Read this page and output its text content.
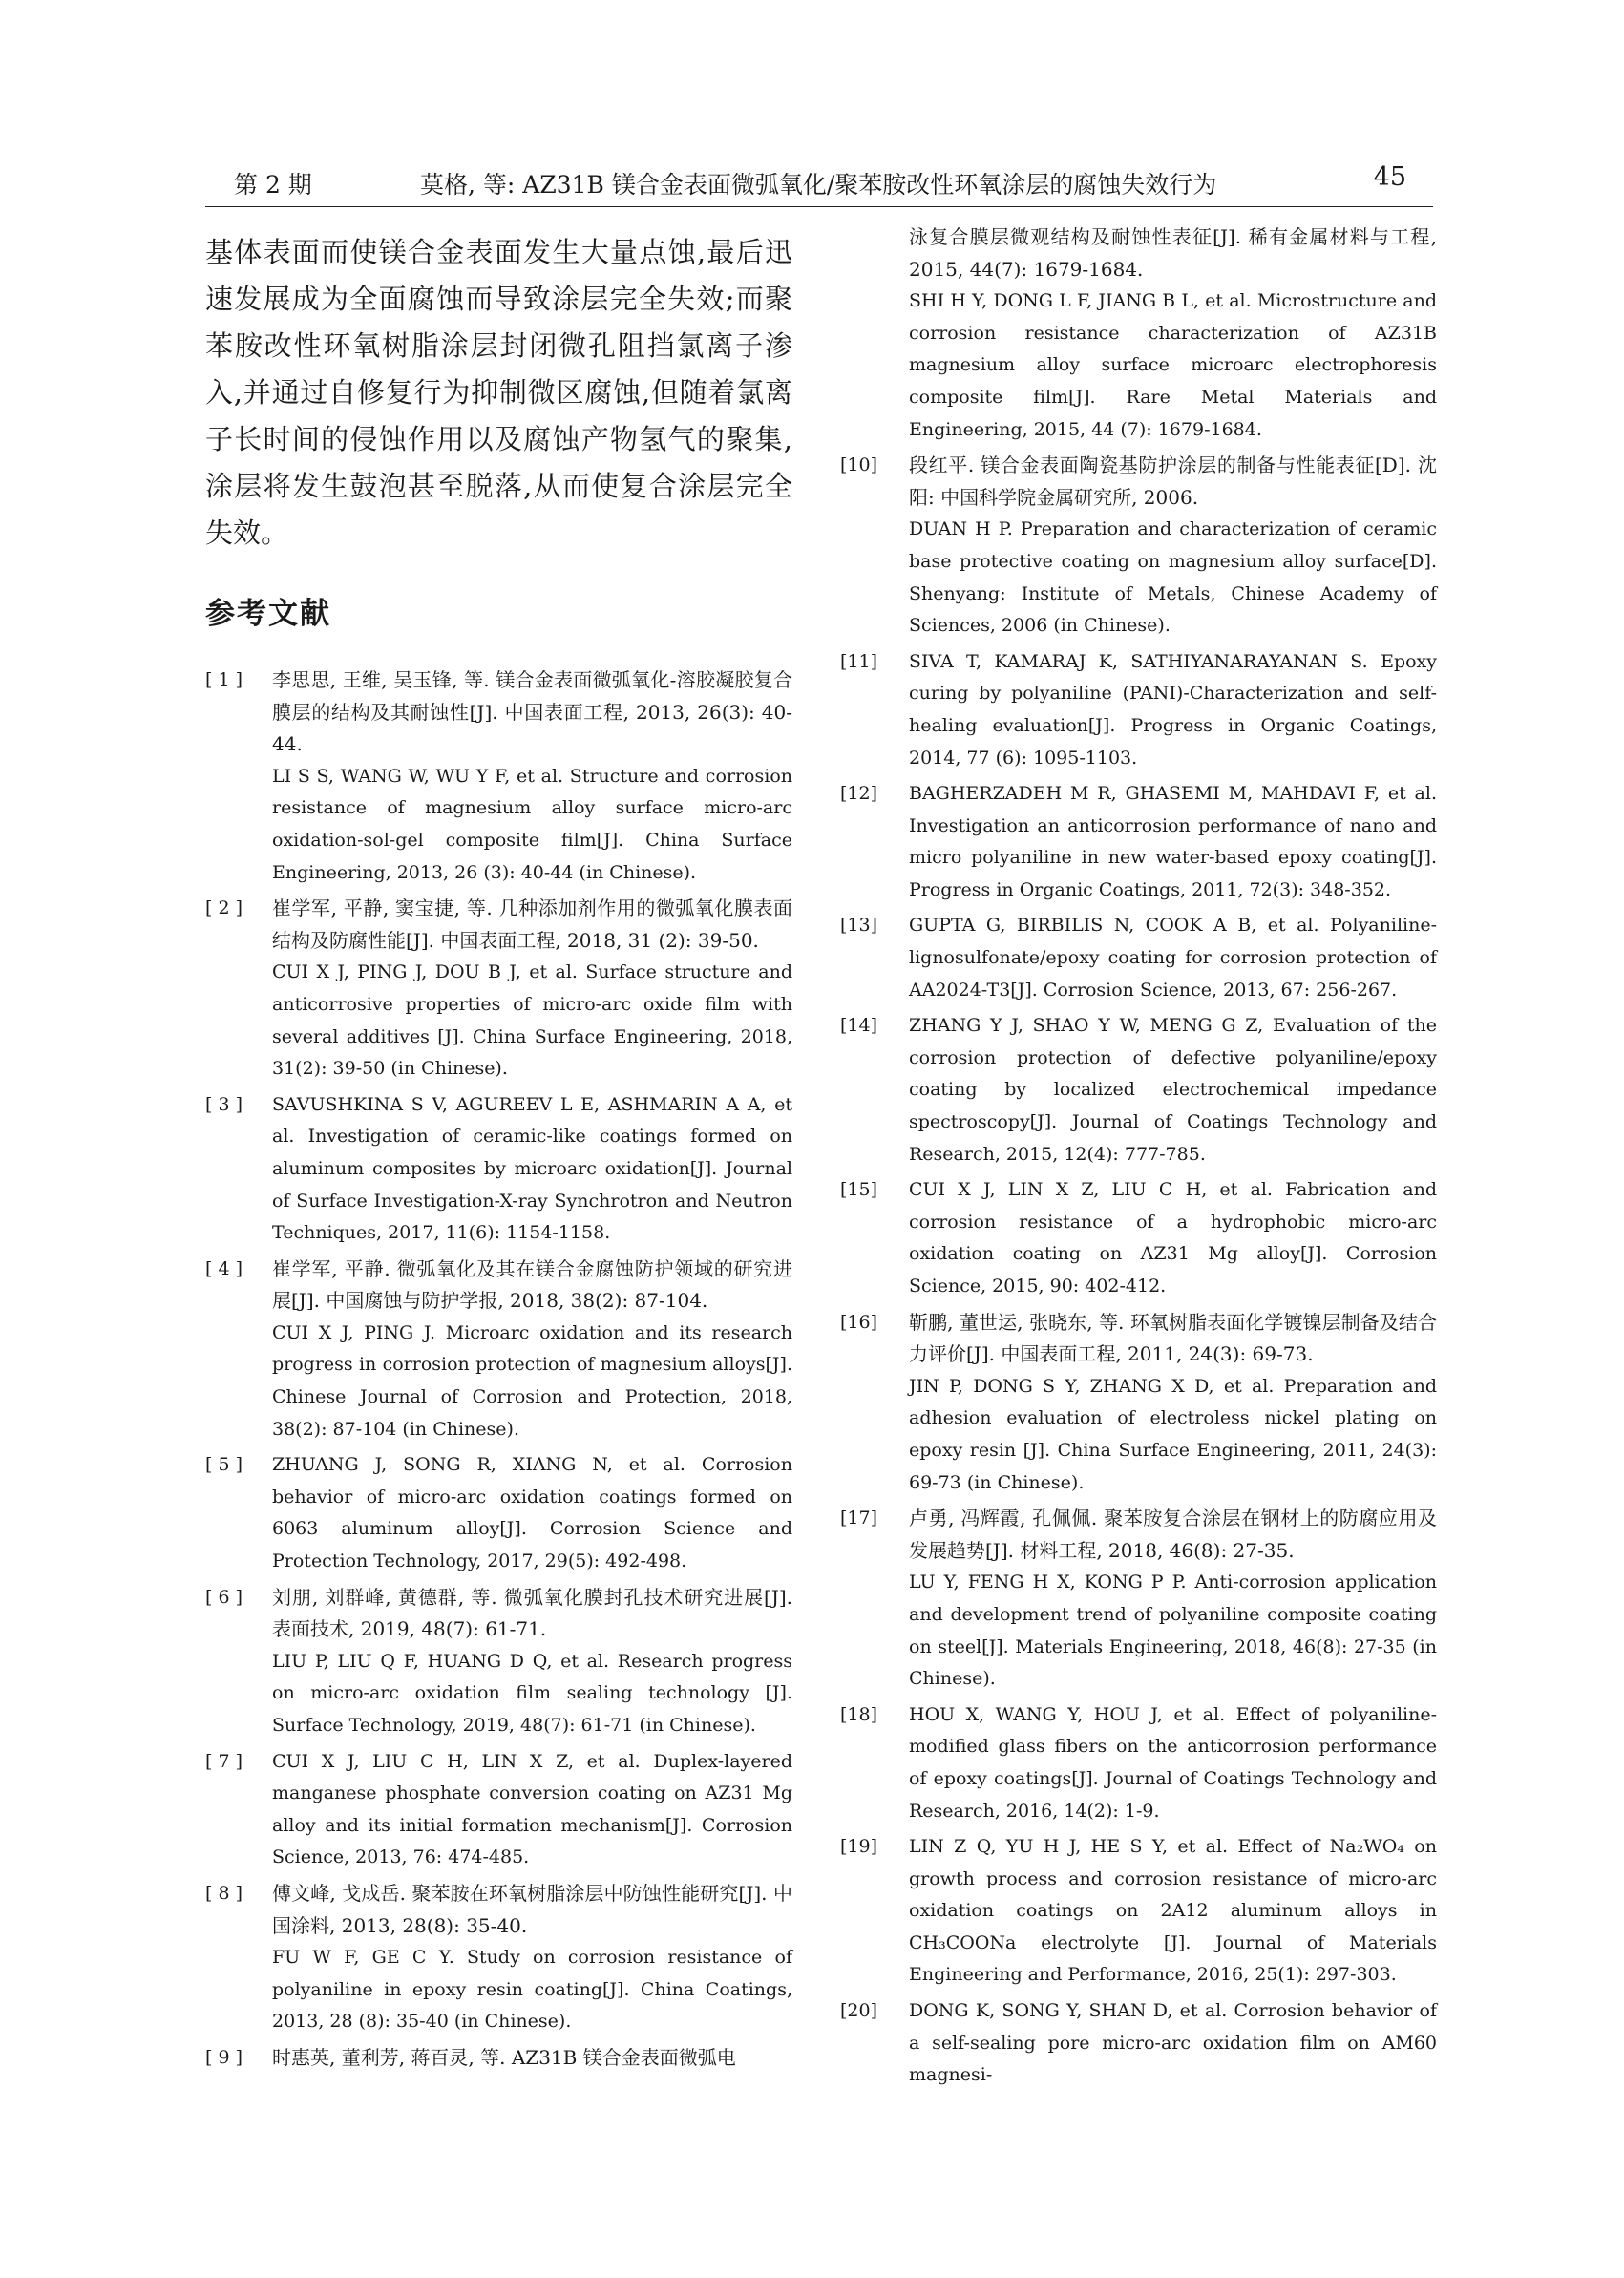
第 2 期	莫格, 等: AZ31B 镁合金表面微弧氧化/聚苯胺改性环氧涂层的腐蚀失效行为	45

基体表面而使镁合金表面发生大量点蚀,最后迅速发展成为全面腐蚀而导致涂层完全失效;而聚苯胺改性环氧树脂涂层封闭微孔阻挡氯离子渗入,并通过自修复行为抑制微区腐蚀,但随着氯离子长时间的侵蚀作用以及腐蚀产物氢气的聚集,涂层将发生鼓泡甚至脱落,从而使复合涂层完全失效。

参考文献
[ 1 ]	李思思, 王维, 吴玉锋, 等. 镁合金表面微弧氧化-溶胶凝胶复合膜层的结构及其耐蚀性[J]. 中国表面工程, 2013, 26(3): 40-44.
LI S S, WANG W, WU Y F, et al. Structure and corrosion resistance of magnesium alloy surface micro-arc oxidation-sol-gel composite film[J]. China Surface Engineering, 2013, 26 (3): 40-44 (in Chinese).
[ 2 ]	崔学军, 平静, 窦宝捷, 等. 几种添加剂作用的微弧氧化膜表面结构及防腐性能[J]. 中国表面工程, 2018, 31 (2): 39-50.
CUI X J, PING J, DOU B J, et al. Surface structure and anticorrosive properties of micro-arc oxide film with several additives [J]. China Surface Engineering, 2018, 31(2): 39-50 (in Chinese).
[ 3 ]	SAVUSHKINA S V, AGUREEV L E, ASHMARIN A A, et al. Investigation of ceramic-like coatings formed on aluminum composites by microarc oxidation[J]. Journal of Surface Investigation-X-ray Synchrotron and Neutron Techniques, 2017, 11(6): 1154-1158.
[ 4 ]	崔学军, 平静. 微弧氧化及其在镁合金腐蚀防护领域的研究进展[J]. 中国腐蚀与防护学报, 2018, 38(2): 87-104.
CUI X J, PING J. Microarc oxidation and its research progress in corrosion protection of magnesium alloys[J]. Chinese Journal of Corrosion and Protection, 2018, 38(2): 87-104 (in Chinese).
[ 5 ]	ZHUANG J, SONG R, XIANG N, et al. Corrosion behavior of micro-arc oxidation coatings formed on 6063 aluminum alloy[J]. Corrosion Science and Protection Technology, 2017, 29(5): 492-498.
[ 6 ]	刘朋, 刘群峰, 黄德群, 等. 微弧氧化膜封孔技术研究进展[J]. 表面技术, 2019, 48(7): 61-71.
LIU P, LIU Q F, HUANG D Q, et al. Research progress on micro-arc oxidation film sealing technology [J]. Surface Technology, 2019, 48(7): 61-71 (in Chinese).
[ 7 ]	CUI X J, LIU C H, LIN X Z, et al. Duplex-layered manganese phosphate conversion coating on AZ31 Mg alloy and its initial formation mechanism[J]. Corrosion Science, 2013, 76: 474-485.
[ 8 ]	傅文峰, 戈成岳. 聚苯胺在环氧树脂涂层中防蚀性能研究[J]. 中国涂料, 2013, 28(8): 35-40.
FU W F, GE C Y. Study on corrosion resistance of polyaniline in epoxy resin coating[J]. China Coatings, 2013, 28 (8): 35-40 (in Chinese).
[ 9 ]	时惠英, 董利芳, 蒋百灵, 等. AZ31B 镁合金表面微弧电
泳复合膜层微观结构及耐蚀性表征[J]. 稀有金属材料与工程, 2015, 44(7): 1679-1684.
SHI H Y, DONG L F, JIANG B L, et al. Microstructure and corrosion resistance characterization of AZ31B magnesium alloy surface microarc electrophoresis composite film[J]. Rare Metal Materials and Engineering, 2015, 44 (7): 1679-1684.
[10]	段红平. 镁合金表面陶瓷基防护涂层的制备与性能表征[D]. 沈阳: 中国科学院金属研究所, 2006.
DUAN H P. Preparation and characterization of ceramic base protective coating on magnesium alloy surface[D]. Shenyang: Institute of Metals, Chinese Academy of Sciences, 2006 (in Chinese).
[11]	SIVA T, KAMARAJ K, SATHIYANARAYANAN S. Epoxy curing by polyaniline (PANI)-Characterization and self-healing evaluation[J]. Progress in Organic Coatings, 2014, 77 (6): 1095-1103.
[12]	BAGHERZADEH M R, GHASEMI M, MAHDAVI F, et al. Investigation an anticorrosion performance of nano and micro polyaniline in new water-based epoxy coating[J]. Progress in Organic Coatings, 2011, 72(3): 348-352.
[13]	GUPTA G, BIRBILIS N, COOK A B, et al. Polyaniline-lignosulfonate/epoxy coating for corrosion protection of AA2024-T3[J]. Corrosion Science, 2013, 67: 256-267.
[14]	ZHANG Y J, SHAO Y W, MENG G Z, Evaluation of the corrosion protection of defective polyaniline/epoxy coating by localized electrochemical impedance spectroscopy[J]. Journal of Coatings Technology and Research, 2015, 12(4): 777-785.
[15]	CUI X J, LIN X Z, LIU C H, et al. Fabrication and corrosion resistance of a hydrophobic micro-arc oxidation coating on AZ31 Mg alloy[J]. Corrosion Science, 2015, 90: 402-412.
[16]	靳鹏, 董世运, 张晓东, 等. 环氧树脂表面化学镀镍层制备及结合力评价[J]. 中国表面工程, 2011, 24(3): 69-73.
JIN P, DONG S Y, ZHANG X D, et al. Preparation and adhesion evaluation of electroless nickel plating on epoxy resin [J]. China Surface Engineering, 2011, 24(3): 69-73 (in Chinese).
[17]	卢勇, 冯辉霞, 孔佩佩. 聚苯胺复合涂层在钢材上的防腐应用及发展趋势[J]. 材料工程, 2018, 46(8): 27-35.
LU Y, FENG H X, KONG P P. Anti-corrosion application and development trend of polyaniline composite coating on steel[J]. Materials Engineering, 2018, 46(8): 27-35 (in Chinese).
[18]	HOU X, WANG Y, HOU J, et al. Effect of polyaniline-modified glass fibers on the anticorrosion performance of epoxy coatings[J]. Journal of Coatings Technology and Research, 2016, 14(2): 1-9.
[19]	LIN Z Q, YU H J, HE S Y, et al. Effect of Na₂WO₄ on growth process and corrosion resistance of micro-arc oxidation coatings on 2A12 aluminum alloys in CH₃COONa electrolyte [J]. Journal of Materials Engineering and Performance, 2016, 25(1): 297-303.
[20]	DONG K, SONG Y, SHAN D, et al. Corrosion behavior of a self-sealing pore micro-arc oxidation film on AM60 magnesi-
